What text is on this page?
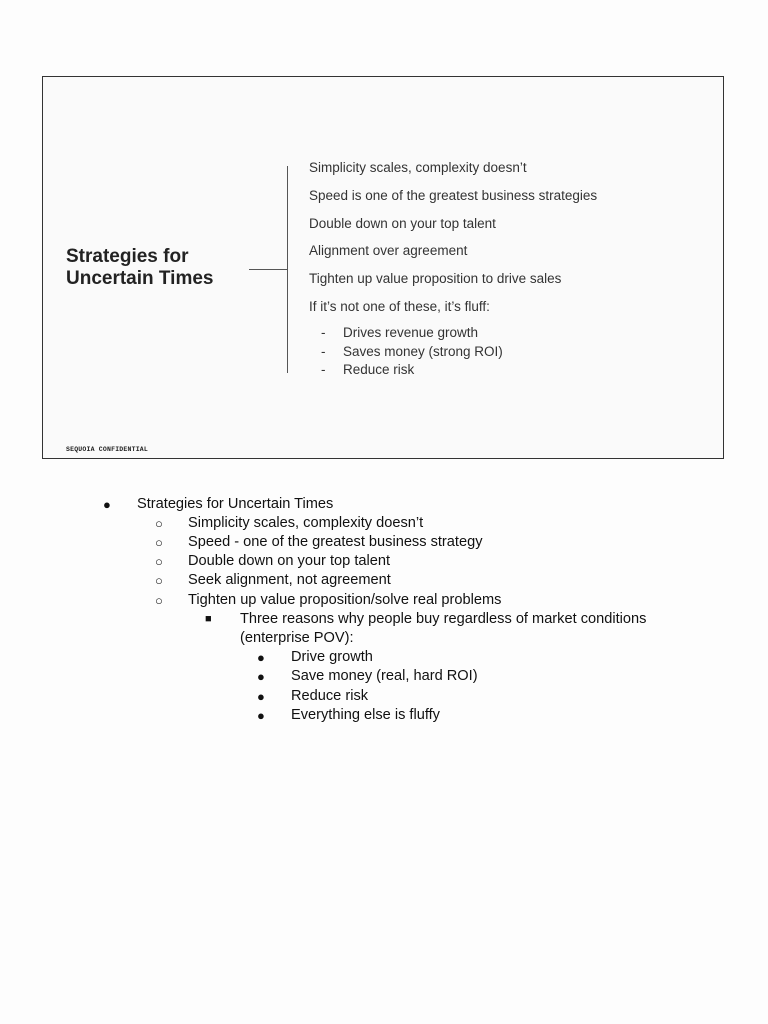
Strategies for Uncertain Times
Simplicity scales, complexity doesn’t
Speed is one of the greatest business strategies
Double down on your top talent
Alignment over agreement
Tighten up value proposition to drive sales
If it’s not one of these, it’s fluff:
- Drives revenue growth
- Saves money (strong ROI)
- Reduce risk
SEQUOIA CONFIDENTIAL
● Strategies for Uncertain Times
○ Simplicity scales, complexity doesn’t
○ Speed - one of the greatest business strategy
○ Double down on your top talent
○ Seek alignment, not agreement
○ Tighten up value proposition/solve real problems
■ Three reasons why people buy regardless of market conditions
(enterprise POV):
● Drive growth
● Save money (real, hard ROI)
● Reduce risk
● Everything else is fluffy
